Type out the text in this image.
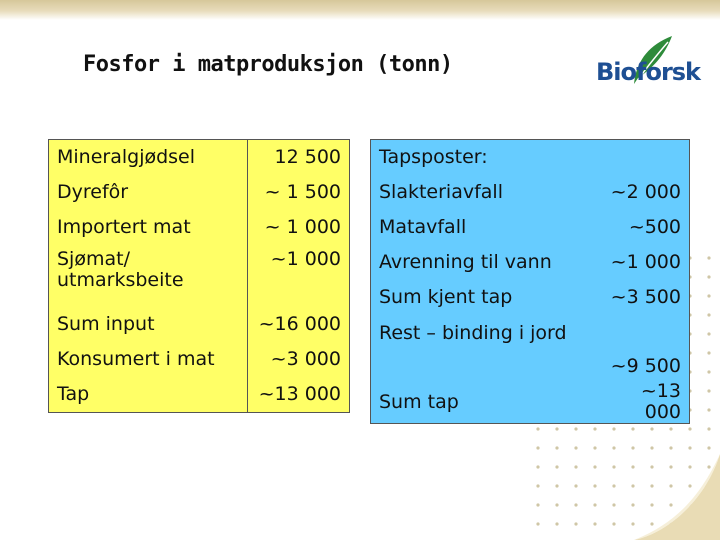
Fosfor i matproduksjon (tonn)	Bioforsk
Mineralgjødsel	12 500
Dyrefôr	~ 1 500
Importert mat	~ 1 000
Sjømat/ utmarksbeite	~1 000
Sum input	~16 000
Konsumert i mat	~3 000
Tap	~13 000
Tapsposter:	
Slakteriavfall	~2 000
Matavfall	~500
Avrenning til vann	~1 000
Sum kjent tap	~3 500
Rest – binding i jord	~9 500
Sum tap	~13 000
